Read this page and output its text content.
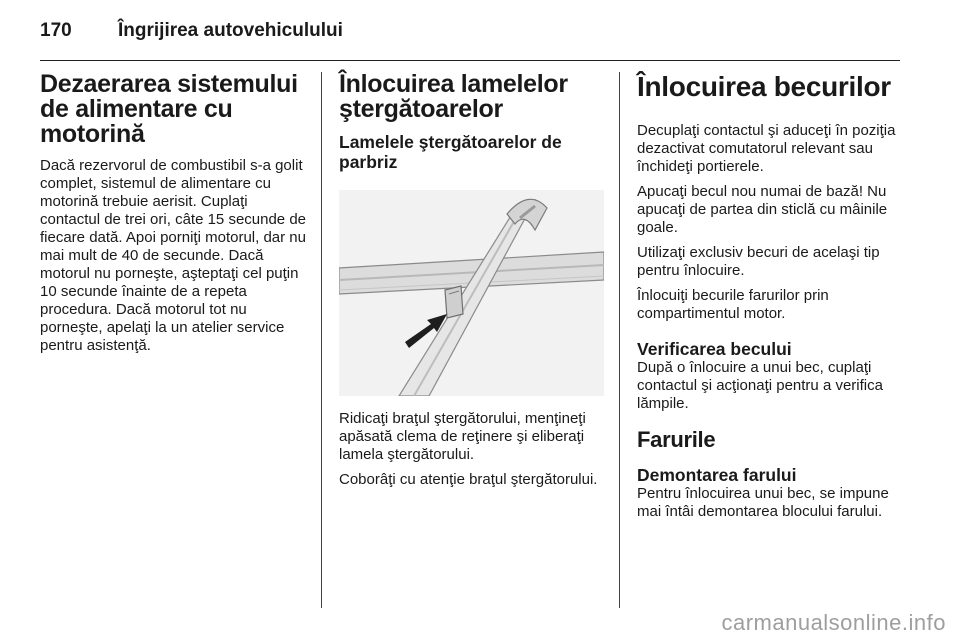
170 Îngrijirea autovehiculului
Dezaerarea sistemului de alimentare cu motorină

Dacă rezervorul de combustibil s-a golit complet, sistemul de alimentare cu motorină trebuie aerisit. Cuplaţi contactul de trei ori, câte 15 secunde de fiecare dată. Apoi porniţi motorul, dar nu mai mult de 40 de secunde. Dacă motorul nu porneşte, aşteptaţi cel puţin 10 secunde înainte de a repeta procedura. Dacă motorul tot nu porneşte, apelaţi la un atelier service pentru asistenţă.

Înlocuirea lamelelor ştergătoarelor
Lamelele ştergătoarelor de parbriz

Ridicaţi braţul ştergătorului, menţineţi apăsată clema de reţinere şi eliberaţi lamela ştergătorului.

Coborâţi cu atenţie braţul ştergătorului.

Înlocuirea becurilor

Decuplaţi contactul şi aduceţi în poziţia dezactivat comutatorul relevant sau închideţi portierele.

Apucaţi becul nou numai de bază! Nu apucaţi de partea din sticlă cu mâinile goale.

Utilizaţi exclusiv becuri de acelaşi tip pentru înlocuire.

Înlocuiţi becurile farurilor prin compartimentul motor.

Verificarea becului

După o înlocuire a unui bec, cuplaţi contactul şi acţionaţi pentru a verifica lămpile.

Farurile
Demontarea farului

Pentru înlocuirea unui bec, se impune mai întâi demontarea blocului farului.

carmanualsonline.info
